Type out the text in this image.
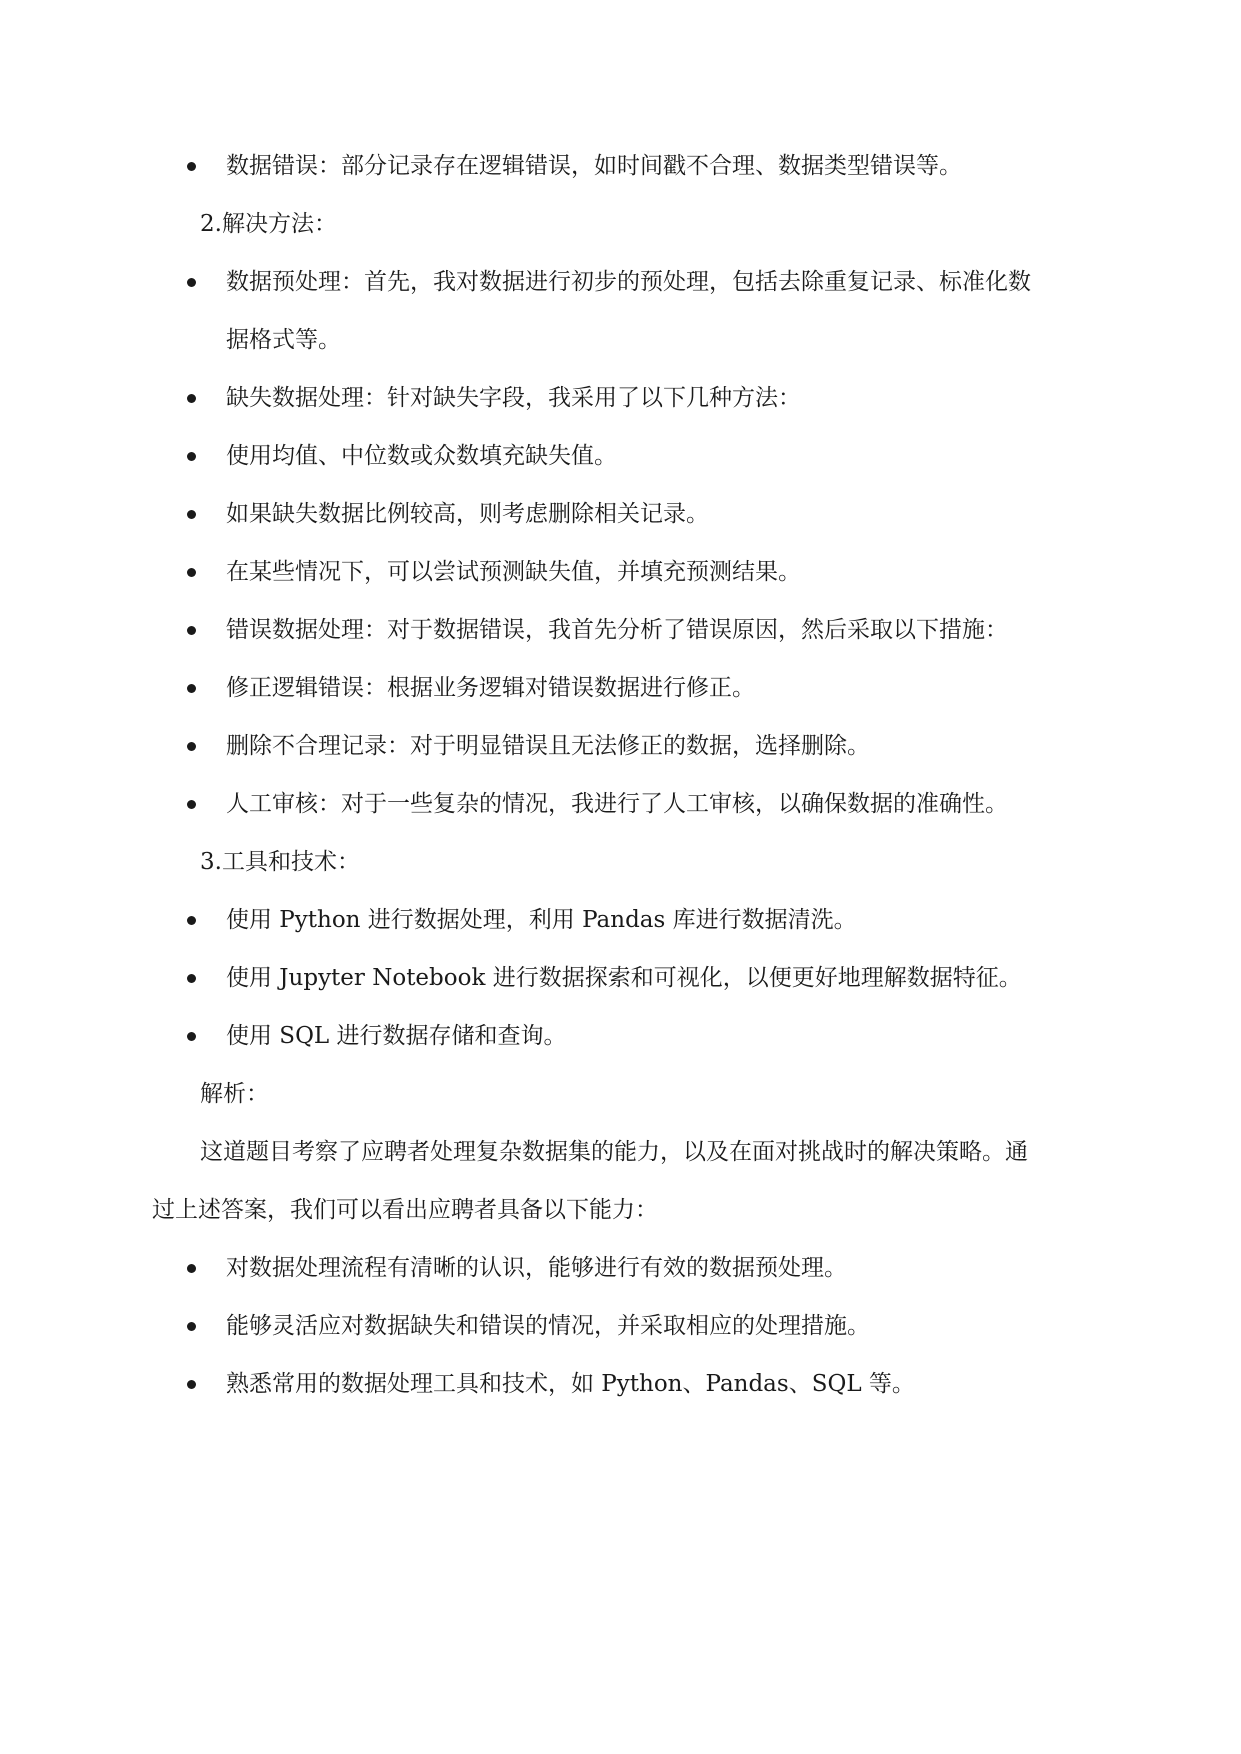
数据错误：部分记录存在逻辑错误，如时间戳不合理、数据类型错误等。
2.解决方法：
数据预处理：首先，我对数据进行初步的预处理，包括去除重复记录、标准化数
据格式等。
缺失数据处理：针对缺失字段，我采用了以下几种方法：
使用均值、中位数或众数填充缺失值。
如果缺失数据比例较高，则考虑删除相关记录。
在某些情况下，可以尝试预测缺失值，并填充预测结果。
错误数据处理：对于数据错误，我首先分析了错误原因，然后采取以下措施：
修正逻辑错误：根据业务逻辑对错误数据进行修正。
删除不合理记录：对于明显错误且无法修正的数据，选择删除。
人工审核：对于一些复杂的情况，我进行了人工审核，以确保数据的准确性。
3.工具和技术：
使用 Python 进行数据处理，利用 Pandas 库进行数据清洗。
使用 Jupyter Notebook 进行数据探索和可视化，以便更好地理解数据特征。
使用 SQL 进行数据存储和查询。
解析：
这道题目考察了应聘者处理复杂数据集的能力，以及在面对挑战时的解决策略。通
过上述答案，我们可以看出应聘者具备以下能力：
对数据处理流程有清晰的认识，能够进行有效的数据预处理。
能够灵活应对数据缺失和错误的情况，并采取相应的处理措施。
熟悉常用的数据处理工具和技术，如 Python、Pandas、SQL 等。
